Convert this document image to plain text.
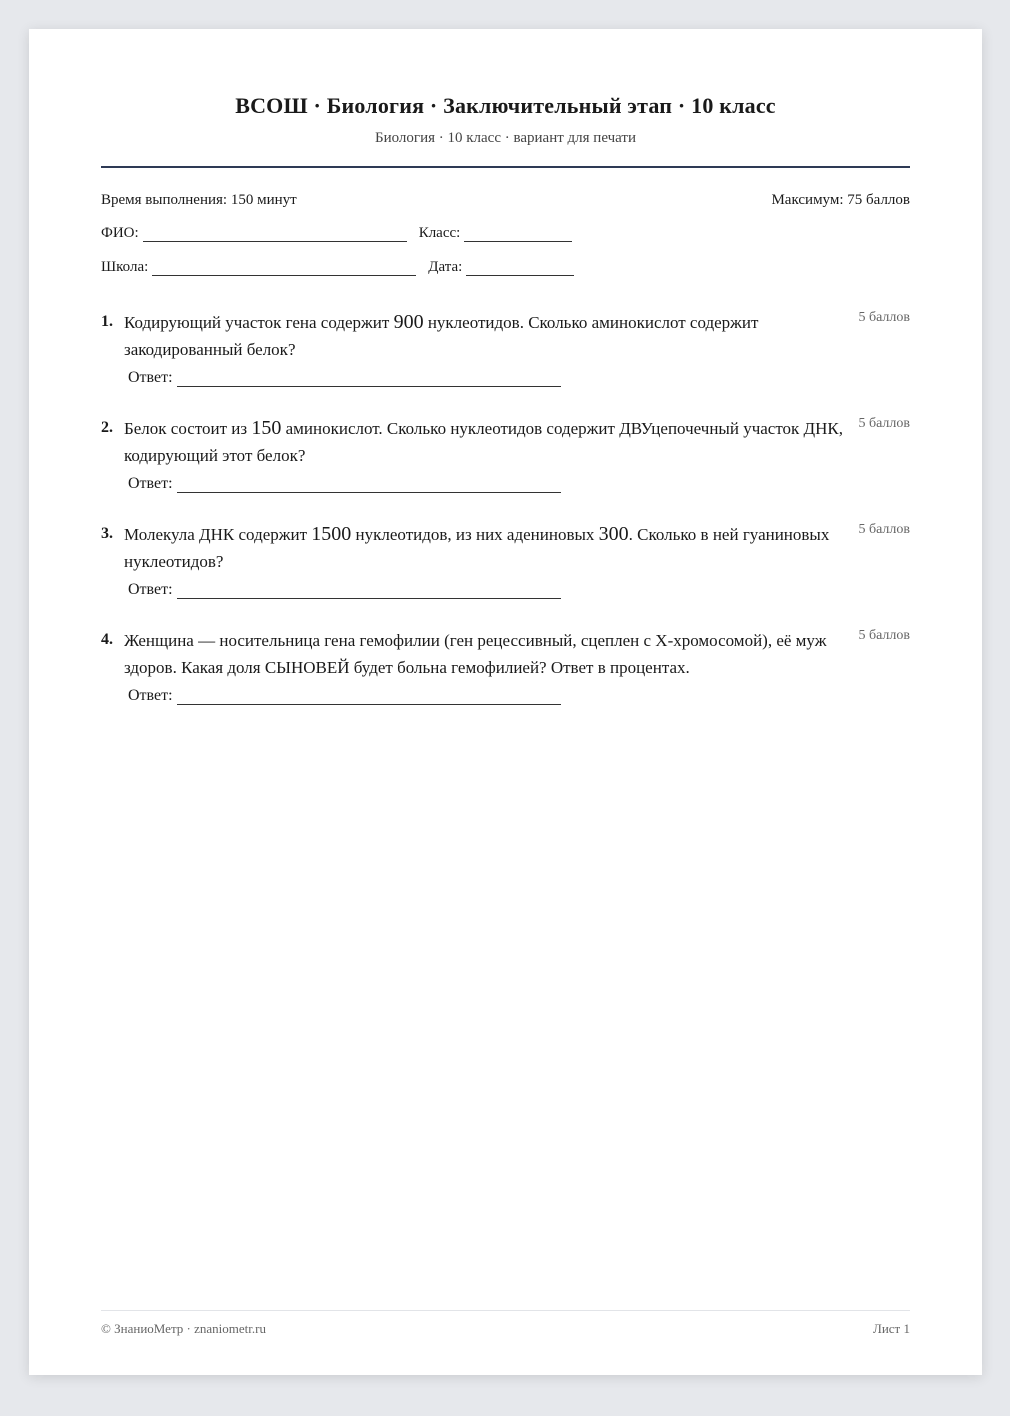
ВСОШ · Биология · Заключительный этап · 10 класс
Биология · 10 класс · вариант для печати
Время выполнения: 150 минут	Максимум: 75 баллов
ФИО:	Класс:
Школа:	Дата:
1. Кодирующий участок гена содержит 900 нуклеотидов. Сколько аминокислот содержит закодированный белок?
5 баллов
Ответ:
2. Белок состоит из 150 аминокислот. Сколько нуклеотидов содержит ДВУцепочечный участок ДНК, кодирующий этот белок?
5 баллов
Ответ:
3. Молекула ДНК содержит 1500 нуклеотидов, из них адениновых 300. Сколько в ней гуаниновых нуклеотидов?
5 баллов
Ответ:
4. Женщина — носительница гена гемофилии (ген рецессивный, сцеплен с X-хромосомой), её муж здоров. Какая доля СЫНОВЕЙ будет больна гемофилией? Ответ в процентах.
5 баллов
Ответ:
© ЗнаниоМетр · znaniometr.ru	Лист 1
